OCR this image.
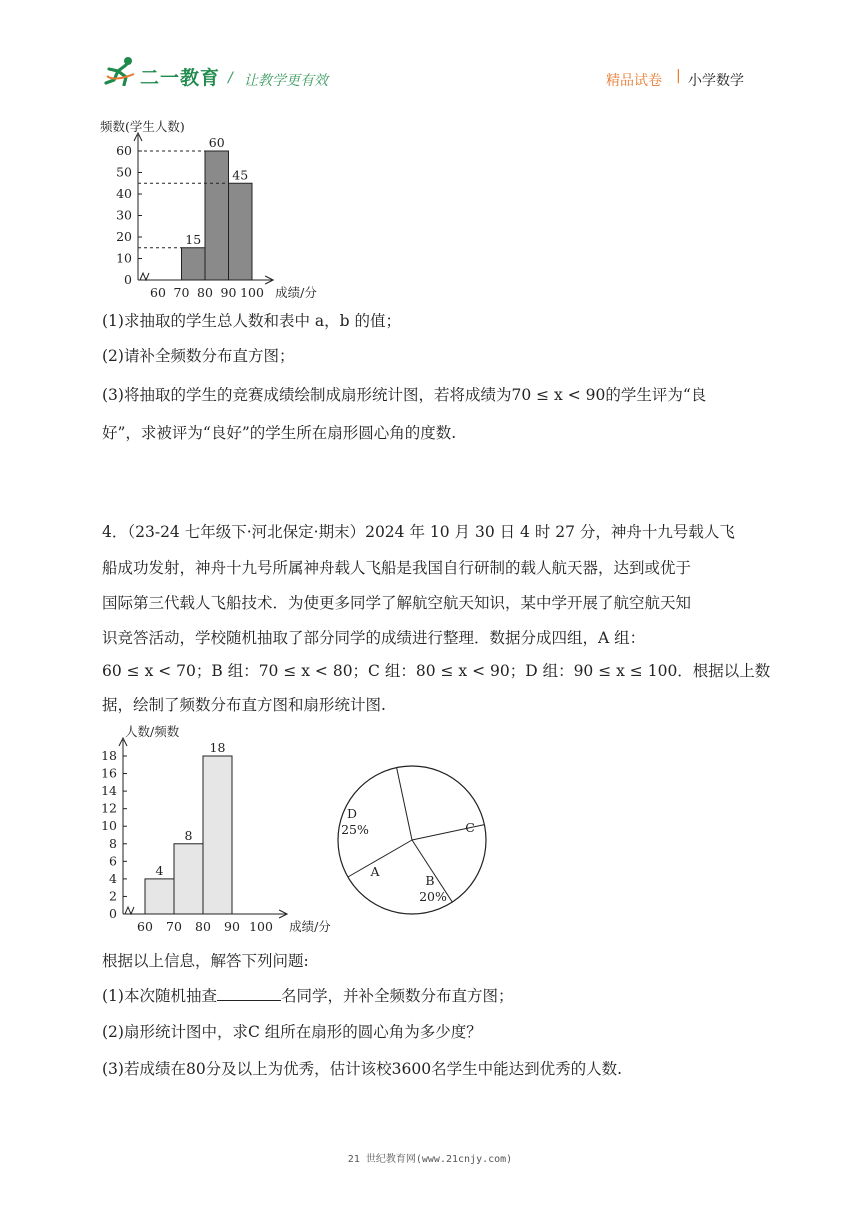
二一教育 / 让教学更有效	精品试卷 | 小学数学
0
10
20
30
40
50
60
60 70 80 90 100
频数(学生人数)
成绩/分
15
60
45
(1)求抽取的学生总人数和表中 a，b 的值；
(2)请补全频数分布直方图；
(3)将抽取的学生的竞赛成绩绘制成扇形统计图，若将成绩为70 ≤ x < 90的学生评为“良
好”，求被评为“良好”的学生所在扇形圆心角的度数.
4．（23-24 七年级下·河北保定·期末）2024 年 10 月 30 日 4 时 27 分，神舟十九号载人飞
船成功发射，神舟十九号所属神舟载人飞船是我国自行研制的载人航天器，达到或优于
国际第三代载人飞船技术．为使更多同学了解航空航天知识，某中学开展了航空航天知
识竞答活动，学校随机抽取了部分同学的成绩进行整理．数据分成四组，A 组：
60 ≤ x < 70；B 组：70 ≤ x < 80；C 组：80 ≤ x < 90；D 组：90 ≤ x ≤ 100．根据以上数
据，绘制了频数分布直方图和扇形统计图.
0
2
4
6
8
10
12
14
16
18
60 70 80 90 100
人数/频数
成绩/分
4
8
18
D
25%	C
B
20%
A
根据以上信息，解答下列问题:
(1)本次随机抽查	名同学，并补全频数分布直方图；
(2)扇形统计图中，求C 组所在扇形的圆心角为多少度？
(3)若成绩在80分及以上为优秀，估计该校3600名学生中能达到优秀的人数.
21 世纪教育网(www.21cnjy.com)
